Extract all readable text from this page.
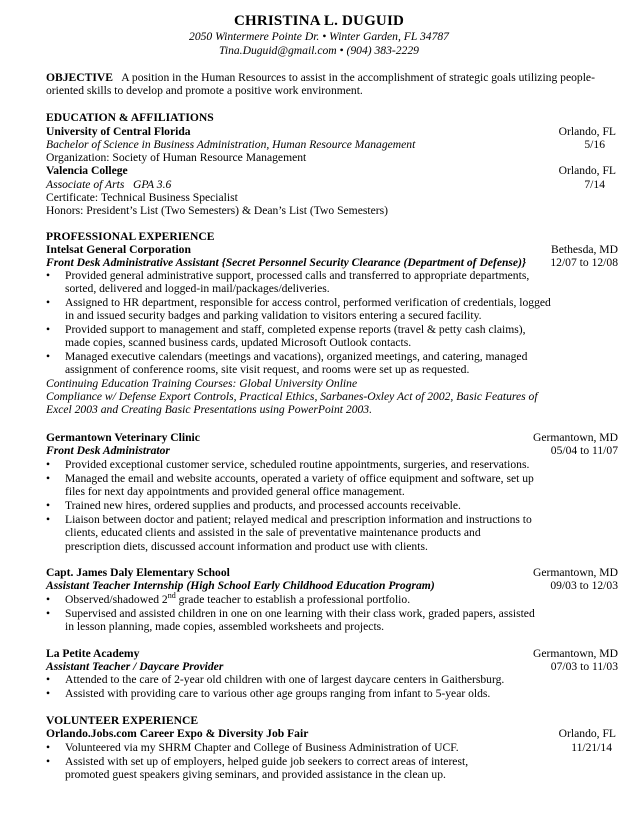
CHRISTINA L. DUGUID
2050 Wintermere Pointe Dr. • Winter Garden, FL 34787
Tina.Duguid@gmail.com • (904) 383-2229
OBJECTIVE A position in the Human Resources to assist in the accomplishment of strategic goals utilizing people-oriented skills to develop and promote a positive work environment.
EDUCATION & AFFILIATIONS
University of Central Florida	Orlando, FL
Bachelor of Science in Business Administration, Human Resource Management	5/16
Organization: Society of Human Resource Management
Valencia College	Orlando, FL
Associate of Arts   GPA 3.6	7/14
Certificate: Technical Business Specialist
Honors: President’s List (Two Semesters) & Dean’s List (Two Semesters)
PROFESSIONAL EXPERIENCE
Intelsat General Corporation	Bethesda, MD
Front Desk Administrative Assistant {Secret Personnel Security Clearance (Department of Defense)} 12/07 to 12/08
• Provided general administrative support, processed calls and transferred to appropriate departments,
sorted, delivered and logged-in mail/packages/deliveries.
• Assigned to HR department, responsible for access control, performed verification of credentials, logged
in and issued security badges and parking validation to visitors entering a secured facility.
• Provided support to management and staff, completed expense reports (travel & petty cash claims),
made copies, scanned business cards, updated Microsoft Outlook contacts.
• Managed executive calendars (meetings and vacations), organized meetings, and catering, managed
assignment of conference rooms, site visit request, and rooms were set up as requested.
Continuing Education Training Courses: Global University Online
Compliance w/ Defense Export Controls, Practical Ethics, Sarbanes-Oxley Act of 2002, Basic Features of
Excel 2003 and Creating Basic Presentations using PowerPoint 2003.
Germantown Veterinary Clinic	Germantown, MD
Front Desk Administrator	05/04 to 11/07
• Provided exceptional customer service, scheduled routine appointments, surgeries, and reservations.
• Managed the email and website accounts, operated a variety of office equipment and software, set up
files for next day appointments and provided general office management.
• Trained new hires, ordered supplies and products, and processed accounts receivable.
• Liaison between doctor and patient; relayed medical and prescription information and instructions to
clients, educated clients and assisted in the sale of preventative maintenance products and
prescription diets, discussed account information and product use with clients.
Capt. James Daly Elementary School	Germantown, MD
Assistant Teacher Internship (High School Early Childhood Education Program)	09/03 to 12/03
• Observed/shadowed 2nd grade teacher to establish a professional portfolio.
• Supervised and assisted children in one on one learning with their class work, graded papers, assisted
in lesson planning, made copies, assembled worksheets and projects.
La Petite Academy	Germantown, MD
Assistant Teacher / Daycare Provider	07/03 to 11/03
• Attended to the care of 2-year old children with one of largest daycare centers in Gaithersburg.
• Assisted with providing care to various other age groups ranging from infant to 5-year olds.
VOLUNTEER EXPERIENCE
Orlando.Jobs.com Career Expo & Diversity Job Fair	Orlando, FL
11/21/14
• Volunteered via my SHRM Chapter and College of Business Administration of UCF.
• Assisted with set up of employers, helped guide job seekers to correct areas of interest,
promoted guest speakers giving seminars, and provided assistance in the clean up.
